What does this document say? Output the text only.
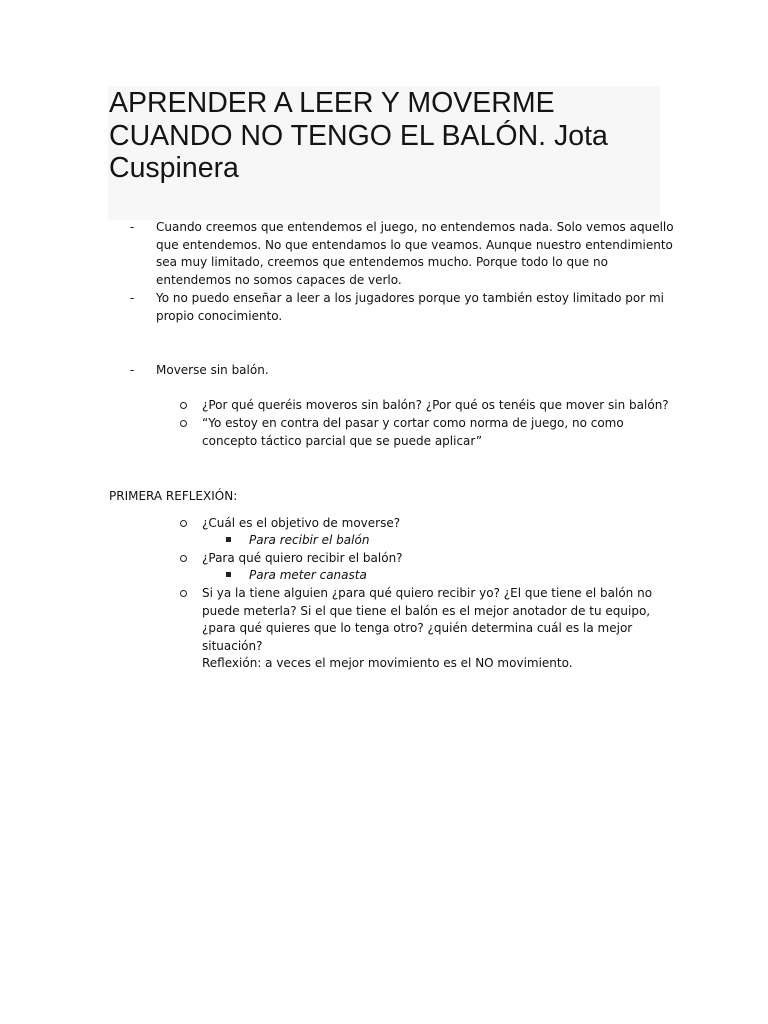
APRENDER A LEER Y MOVERME
CUANDO NO TENGO EL BALÓN. Jota
Cuspinera
-	Cuando creemos que entendemos el juego, no entendemos nada. Solo vemos aquello
que entendemos. No que entendamos lo que veamos. Aunque nuestro entendimiento
sea muy limitado, creemos que entendemos mucho. Porque todo lo que no
entendemos no somos capaces de verlo.
-	Yo no puedo enseñar a leer a los jugadores porque yo también estoy limitado por mi
propio conocimiento.
-	Moverse sin balón.
¿Por qué queréis moveros sin balón? ¿Por qué os tenéis que mover sin balón?
“Yo estoy en contra del pasar y cortar como norma de juego, no como
concepto táctico parcial que se puede aplicar”
PRIMERA REFLEXIÓN:
¿Cuál es el objetivo de moverse?
Para recibir el balón
¿Para qué quiero recibir el balón?
Para meter canasta
Si ya la tiene alguien ¿para qué quiero recibir yo? ¿El que tiene el balón no
puede meterla? Si el que tiene el balón es el mejor anotador de tu equipo,
¿para qué quieres que lo tenga otro? ¿quién determina cuál es la mejor
situación?
Reflexión: a veces el mejor movimiento es el NO movimiento.
